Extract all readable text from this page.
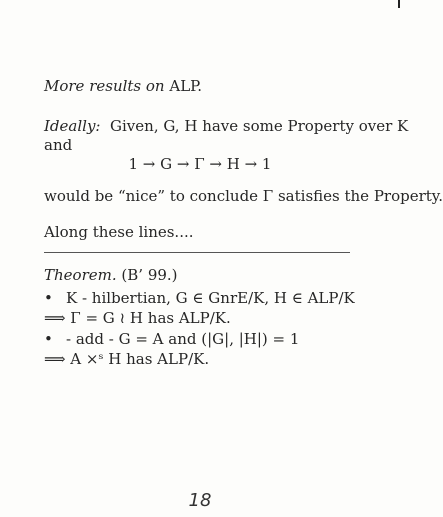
More results on ALP.
Ideally: Given, G, H have some Property over K
and
1 → G → Γ → H → 1
would be “nice” to conclude Γ satisfies the Property.
Along these lines....
Theorem. (B’ 99.)
• K - hilbertian, G ∈ GnrE/K, H ∈ ALP/K
⟹ Γ = G ≀ H has ALP/K.
• - add - G = A and (|G|, |H|) = 1
⟹ A ×ˢ H has ALP/K.
18
